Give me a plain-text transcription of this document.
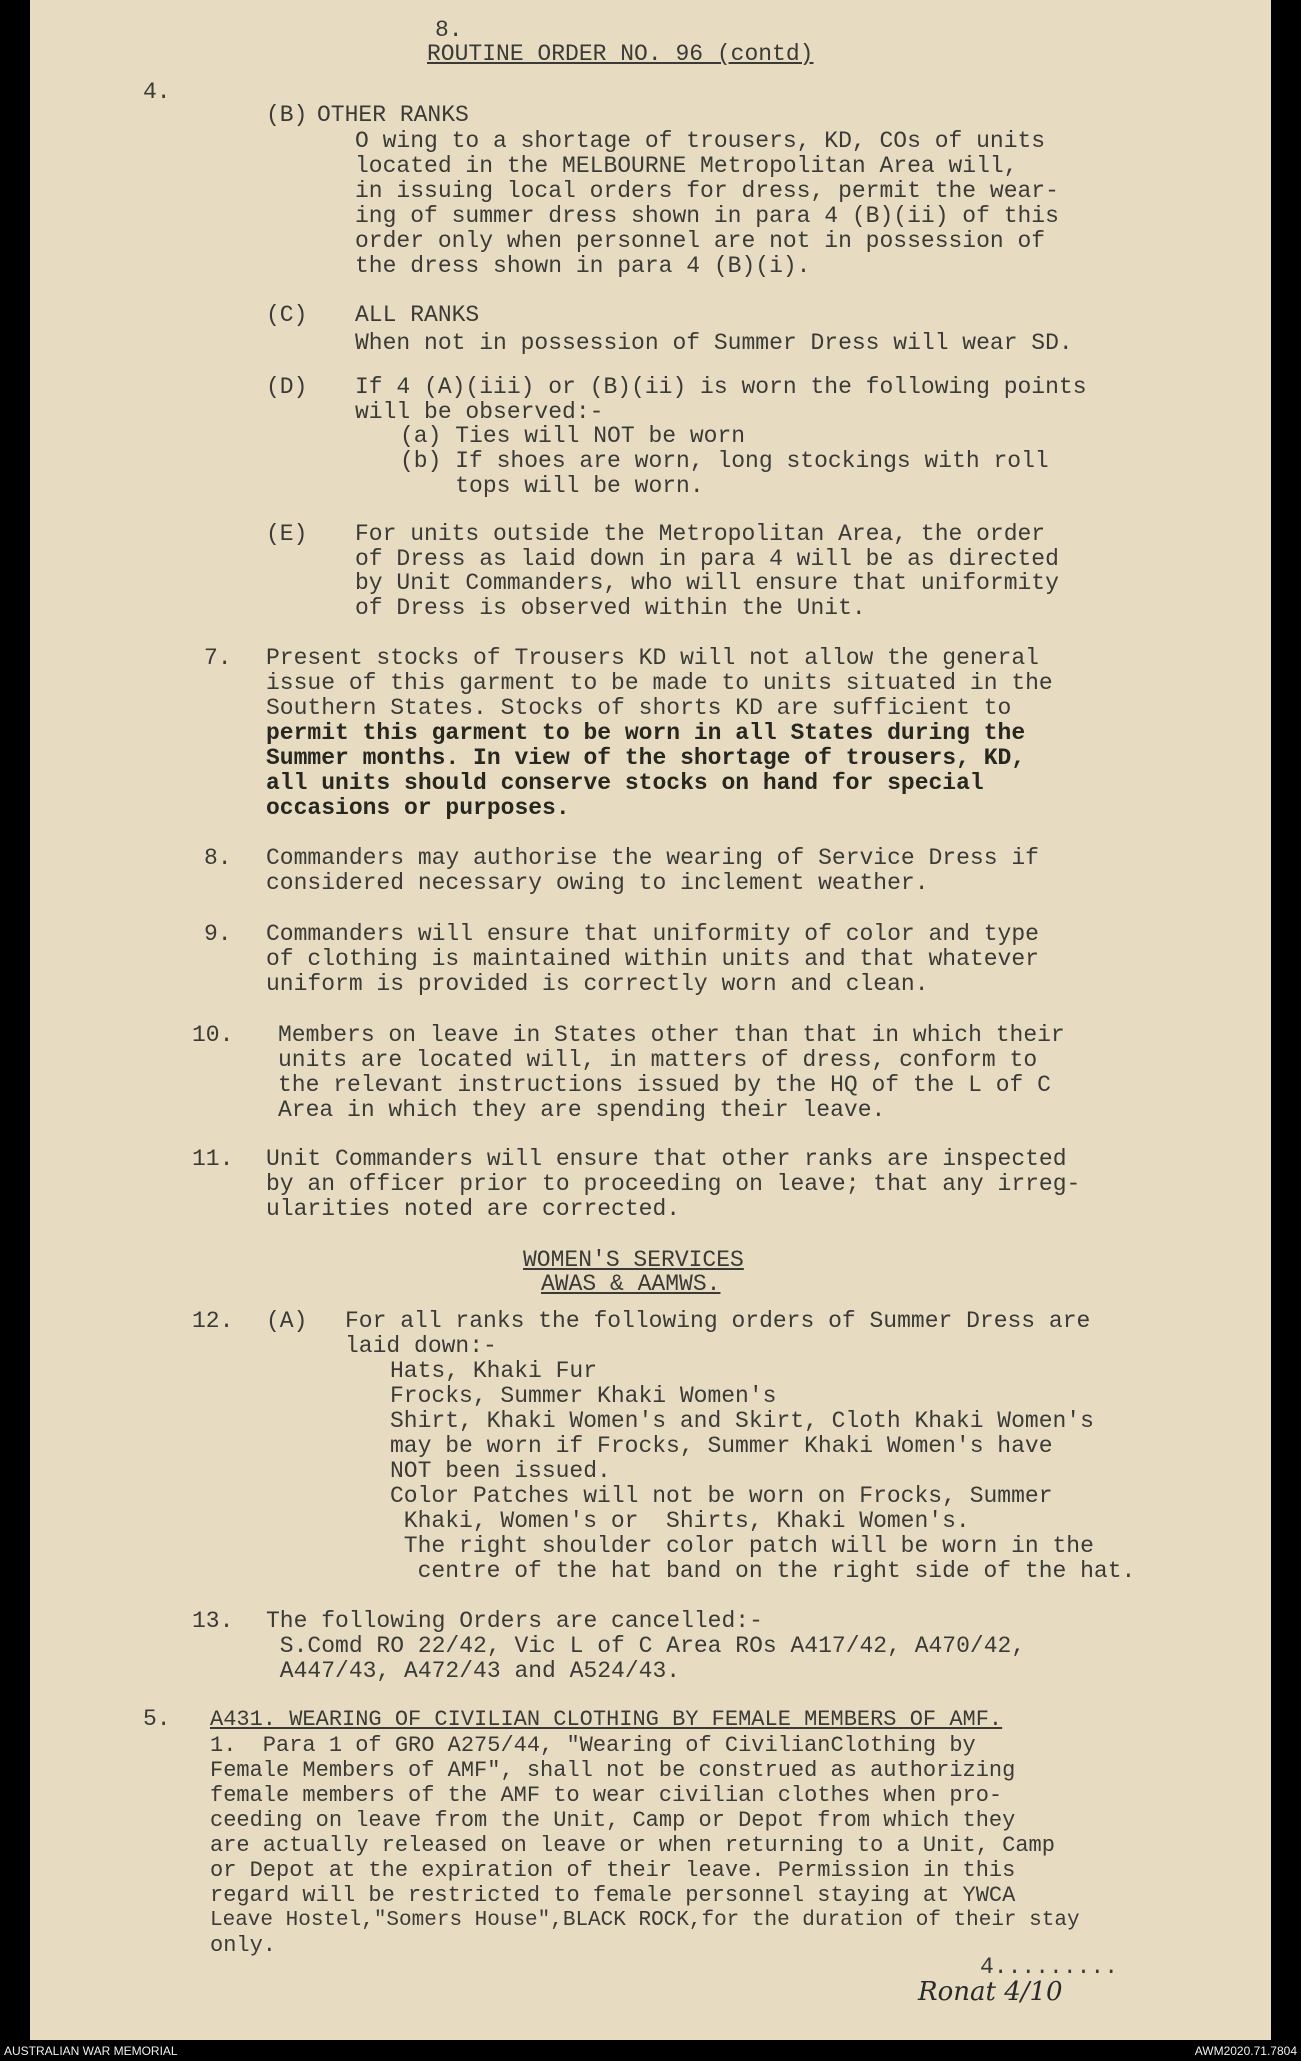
8.
ROUTINE ORDER NO. 96 (contd)
4.
(B) OTHER RANKS
O wing to a shortage of trousers, KD, COs of units
located in the MELBOURNE Metropolitan Area will,
in issuing local orders for dress, permit the wear-
ing of summer dress shown in para 4 (B)(ii) of this
order only when personnel are not in possession of
the dress shown in para 4 (B)(i).
(C) ALL RANKS
When not in possession of Summer Dress will wear SD.
(D) If 4 (A)(iii) or (B)(ii) is worn the following points
will be observed:-
(a) Ties will NOT be worn
(b) If shoes are worn, long stockings with roll
tops will be worn.
(E) For units outside the Metropolitan Area, the order
of Dress as laid down in para 4 will be as directed
by Unit Commanders, who will ensure that uniformity
of Dress is observed within the Unit.
7. Present stocks of Trousers KD will not allow the general
issue of this garment to be made to units situated in the
Southern States. Stocks of shorts KD are sufficient to
permit this garment to be worn in all States during the
Summer months. In view of the shortage of trousers, KD,
all units should conserve stocks on hand for special
occasions or purposes.
8. Commanders may authorise the wearing of Service Dress if
considered necessary owing to inclement weather.
9. Commanders will ensure that uniformity of color and type
of clothing is maintained within units and that whatever
uniform is provided is correctly worn and clean.
10. Members on leave in States other than that in which their
units are located will, in matters of dress, conform to
the relevant instructions issued by the HQ of the L of C
Area in which they are spending their leave.
11. Unit Commanders will ensure that other ranks are inspected
by an officer prior to proceeding on leave; that any irreg-
ularities noted are corrected.
WOMEN'S SERVICES
AWAS & AAMWS.
12. (A) For all ranks the following orders of Summer Dress are
laid down:-
Hats, Khaki Fur
Frocks, Summer Khaki Women's
Shirt, Khaki Women's and Skirt, Cloth Khaki Women's
may be worn if Frocks, Summer Khaki Women's have
NOT been issued.
Color Patches will not be worn on Frocks, Summer
Khaki, Women's or  Shirts, Khaki Women's.
The right shoulder color patch will be worn in the
centre of the hat band on the right side of the hat.
13. The following Orders are cancelled:-
S.Comd RO 22/42, Vic L of C Area ROs A417/42, A470/42,
A447/43, A472/43 and A524/43.
5. A431. WEARING OF CIVILIAN CLOTHING BY FEMALE MEMBERS OF AMF.
1.  Para 1 of GRO A275/44, "Wearing of CivilianClothing by
Female Members of AMF", shall not be construed as authorizing
female members of the AMF to wear civilian clothes when pro-
ceeding on leave from the Unit, Camp or Depot from which they
are actually released on leave or when returning to a Unit, Camp
or Depot at the expiration of their leave. Permission in this
regard will be restricted to female personnel staying at YWCA
Leave Hostel,"Somers House",BLACK ROCK,for the duration of their stay
only.
4.........
Ronat 4/10
AUSTRALIAN WAR MEMORIAL	AWM2020.71.7804
